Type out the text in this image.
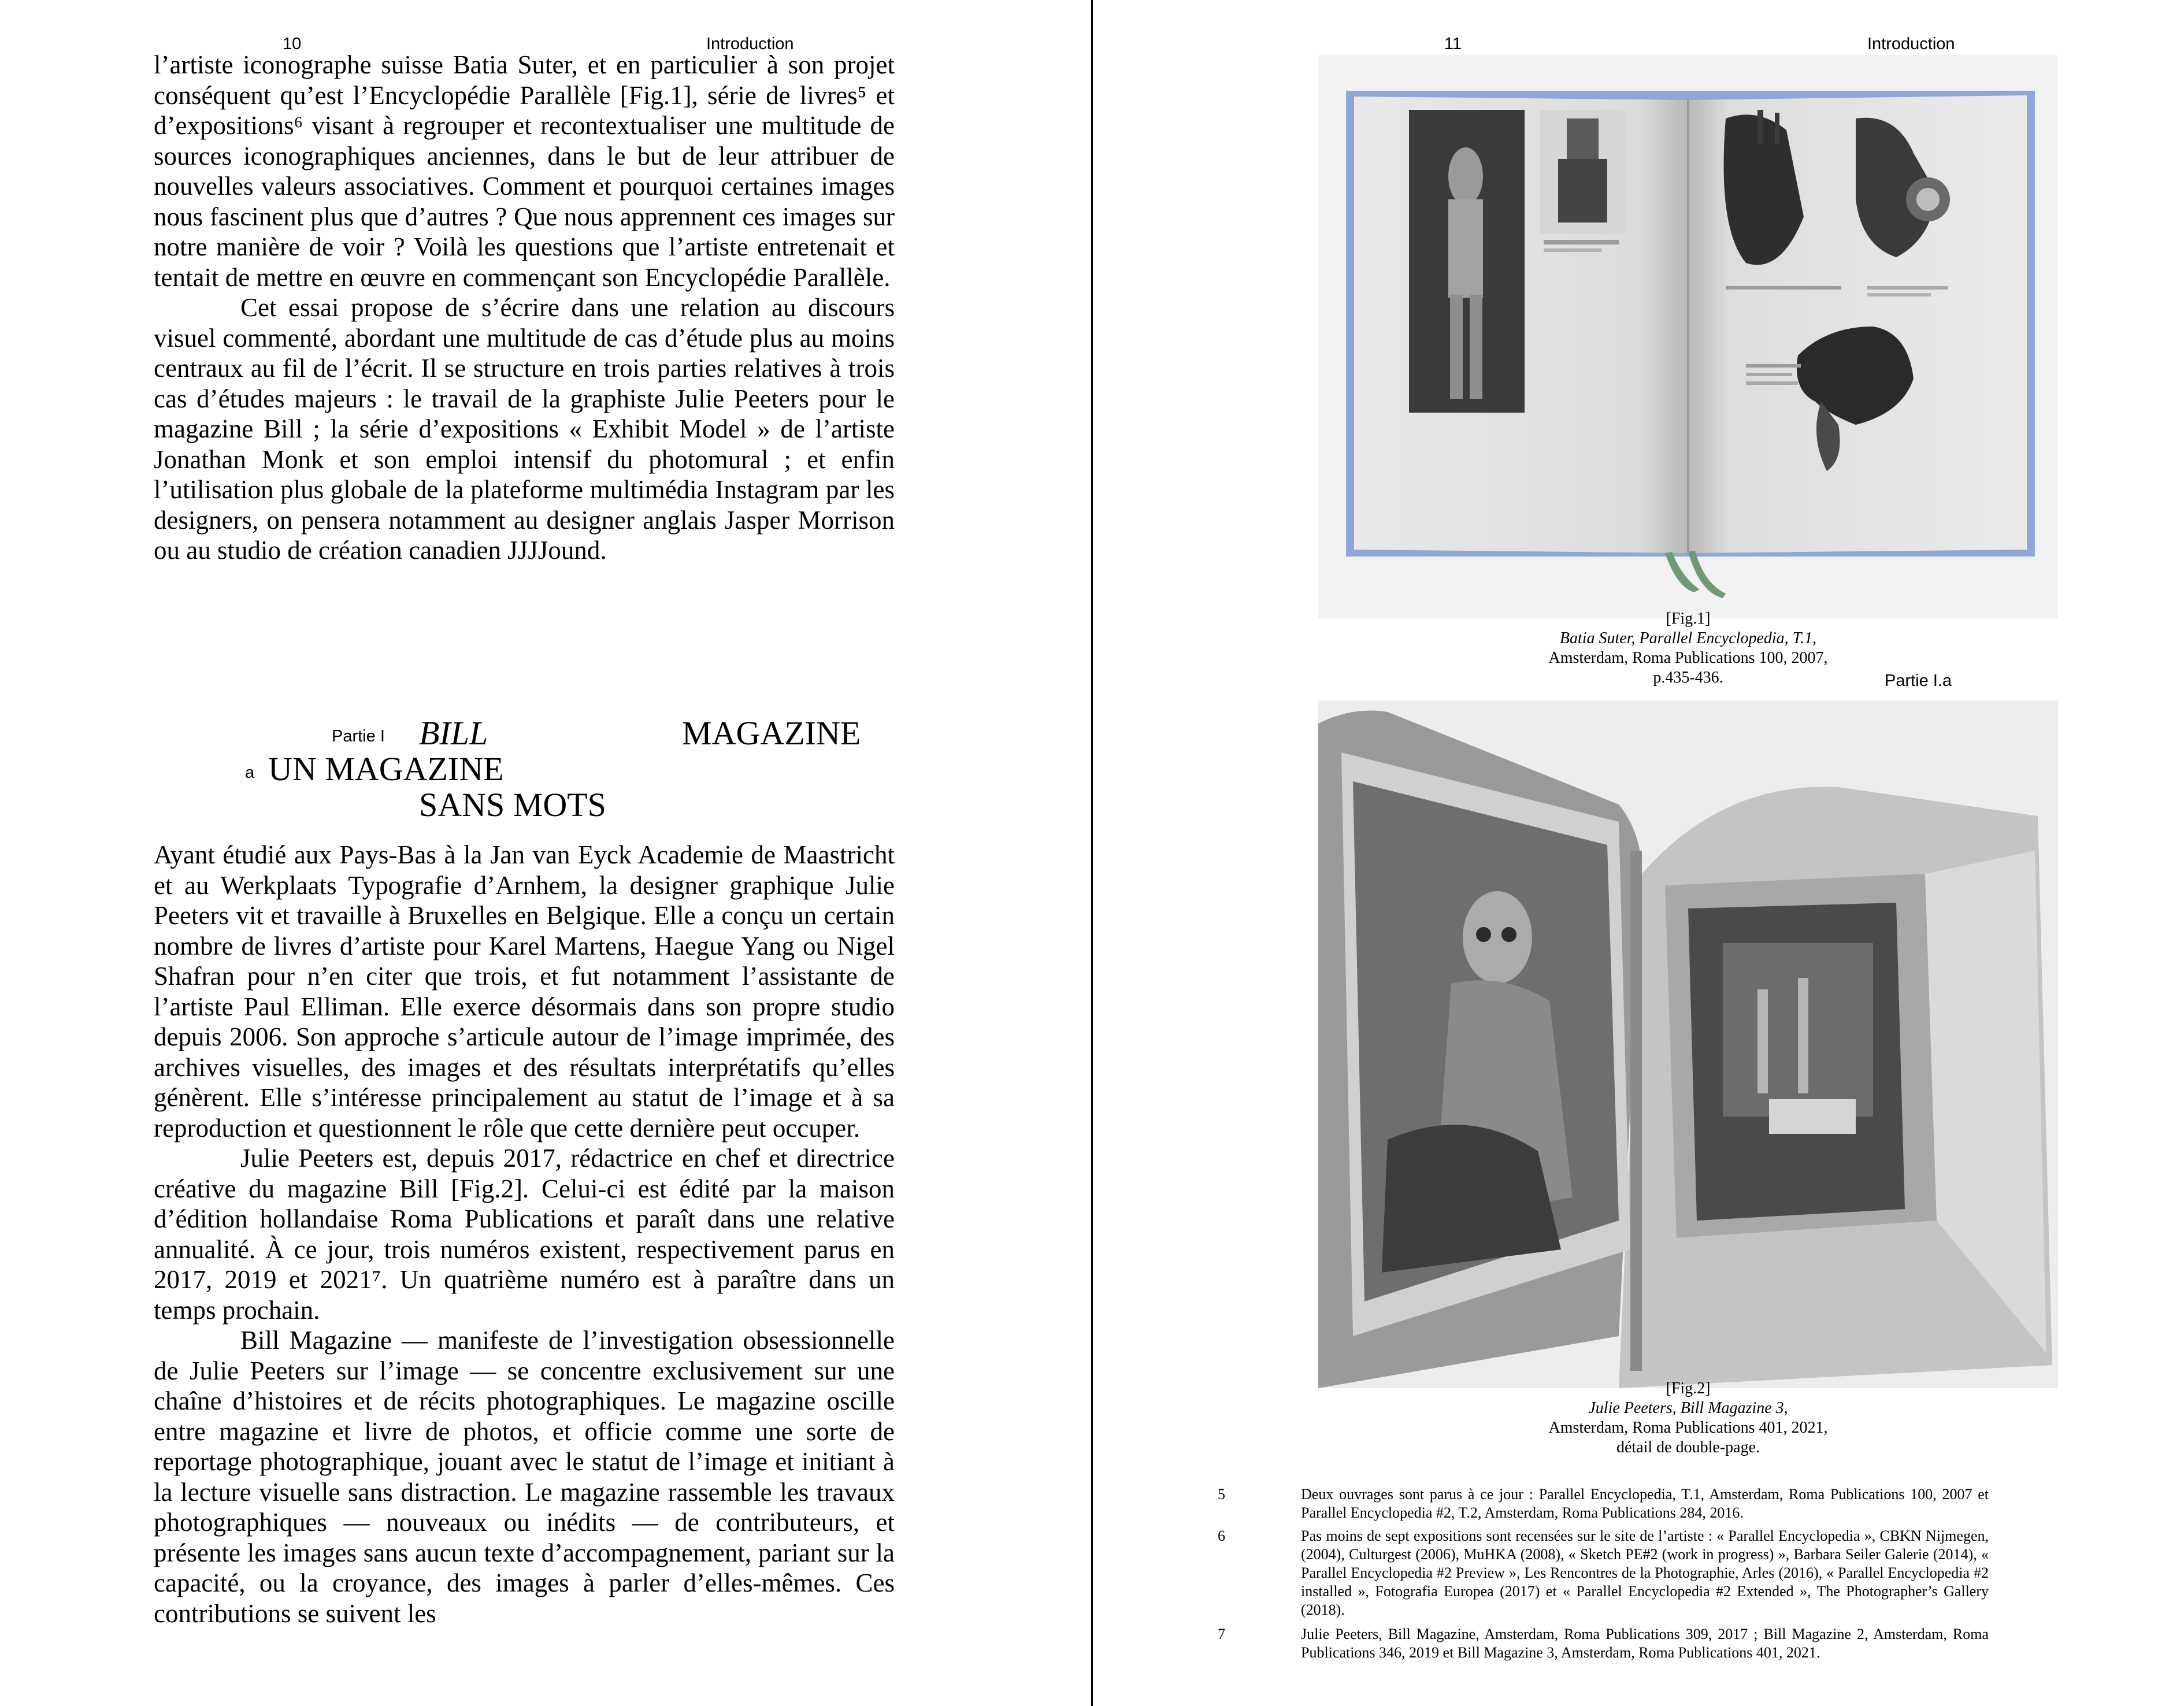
10	Introduction

l’artiste iconographe suisse Batia Suter, et en particulier à son projet conséquent qu’est l’Encyclopédie Parallèle [Fig.1], série de livres⁵ et d’expositions⁶ visant à regrouper et recontextualiser une multitude de sources iconographiques anciennes, dans le but de leur attribuer de nouvelles valeurs associatives. Comment et pourquoi certaines images nous fascinent plus que d’autres ? Que nous apprennent ces images sur notre manière de voir ? Voilà les questions que l’artiste entretenait et tentait de mettre en œuvre en commençant son Encyclopédie Parallèle.

Cet essai propose de s’écrire dans une relation au discours visuel commenté, abordant une multitude de cas d’étude plus au moins centraux au fil de l’écrit. Il se structure en trois parties relatives à trois cas d’études majeurs : le travail de la graphiste Julie Peeters pour le magazine Bill ; la série d’expositions « Exhibit Model » de l’artiste Jonathan Monk et son emploi intensif du photomural ; et enfin l’utilisation plus globale de la plateforme multimédia Instagram par les designers, on pensera notamment au designer anglais Jasper Morrison ou au studio de création canadien JJJJound.

Partie I BILL	MAGAZINE
a UN MAGAZINE
SANS MOTS

Ayant étudié aux Pays-Bas à la Jan van Eyck Academie de Maastricht et au Werkplaats Typografie d’Arnhem, la designer graphique Julie Peeters vit et travaille à Bruxelles en Belgique. Elle a conçu un certain nombre de livres d’artiste pour Karel Martens, Haegue Yang ou Nigel Shafran pour n’en citer que trois, et fut notamment l’assistante de l’artiste Paul Elliman. Elle exerce désormais dans son propre studio depuis 2006. Son approche s’articule autour de l’image imprimée, des archives visuelles, des images et des résultats interprétatifs qu’elles génèrent. Elle s’intéresse principalement au statut de l’image et à sa reproduction et questionnent le rôle que cette dernière peut occuper.

Julie Peeters est, depuis 2017, rédactrice en chef et directrice créative du magazine Bill [Fig.2]. Celui-ci est édité par la maison d’édition hollandaise Roma Publications et paraît dans une relative annualité. À ce jour, trois numéros existent, respectivement parus en 2017, 2019 et 2021⁷. Un quatrième numéro est à paraître dans un temps prochain.

Bill Magazine — manifeste de l’investigation obsessionnelle de Julie Peeters sur l’image — se concentre exclusivement sur une chaîne d’histoires et de récits photographiques. Le magazine oscille entre magazine et livre de photos, et officie comme une sorte de reportage photographique, jouant avec le statut de l’image et initiant à la lecture visuelle sans distraction. Le magazine rassemble les travaux photographiques — nouveaux ou inédits — de contributeurs, et présente les images sans aucun texte d’accompagnement, pariant sur la capacité, ou la croyance, des images à parler d’elles-mêmes. Ces contributions se suivent les

11	Introduction
[Fig.1]
Batia Suter, Parallel Encyclopedia, T.1,
Amsterdam, Roma Publications 100, 2007,
p.435-436.	Partie I.a
[Fig.2]
Julie Peeters, Bill Magazine 3,
Amsterdam, Roma Publications 401, 2021,
détail de double-page.
5	Deux ouvrages sont parus à ce jour : Parallel Encyclopedia, T.1, Amsterdam, Roma Publications 100, 2007 et Parallel Encyclopedia #2, T.2, Amsterdam, Roma Publications 284, 2016.
6	Pas moins de sept expositions sont recensées sur le site de l’artiste : « Parallel Encyclopedia », CBKN Nijmegen, (2004), Culturgest (2006), MuHKA (2008), « Sketch PE#2 (work in progress) », Barbara Seiler Galerie (2014), « Parallel Encyclopedia #2 Preview », Les Rencontres de la Photographie, Arles (2016), « Parallel Encyclopedia #2 installed », Fotografia Europea (2017) et « Parallel Encyclopedia #2 Extended », The Photographer’s Gallery (2018).
7	Julie Peeters, Bill Magazine, Amsterdam, Roma Publications 309, 2017 ; Bill Magazine 2, Amsterdam, Roma Publications 346, 2019 et Bill Magazine 3, Amsterdam, Roma Publications 401, 2021.
